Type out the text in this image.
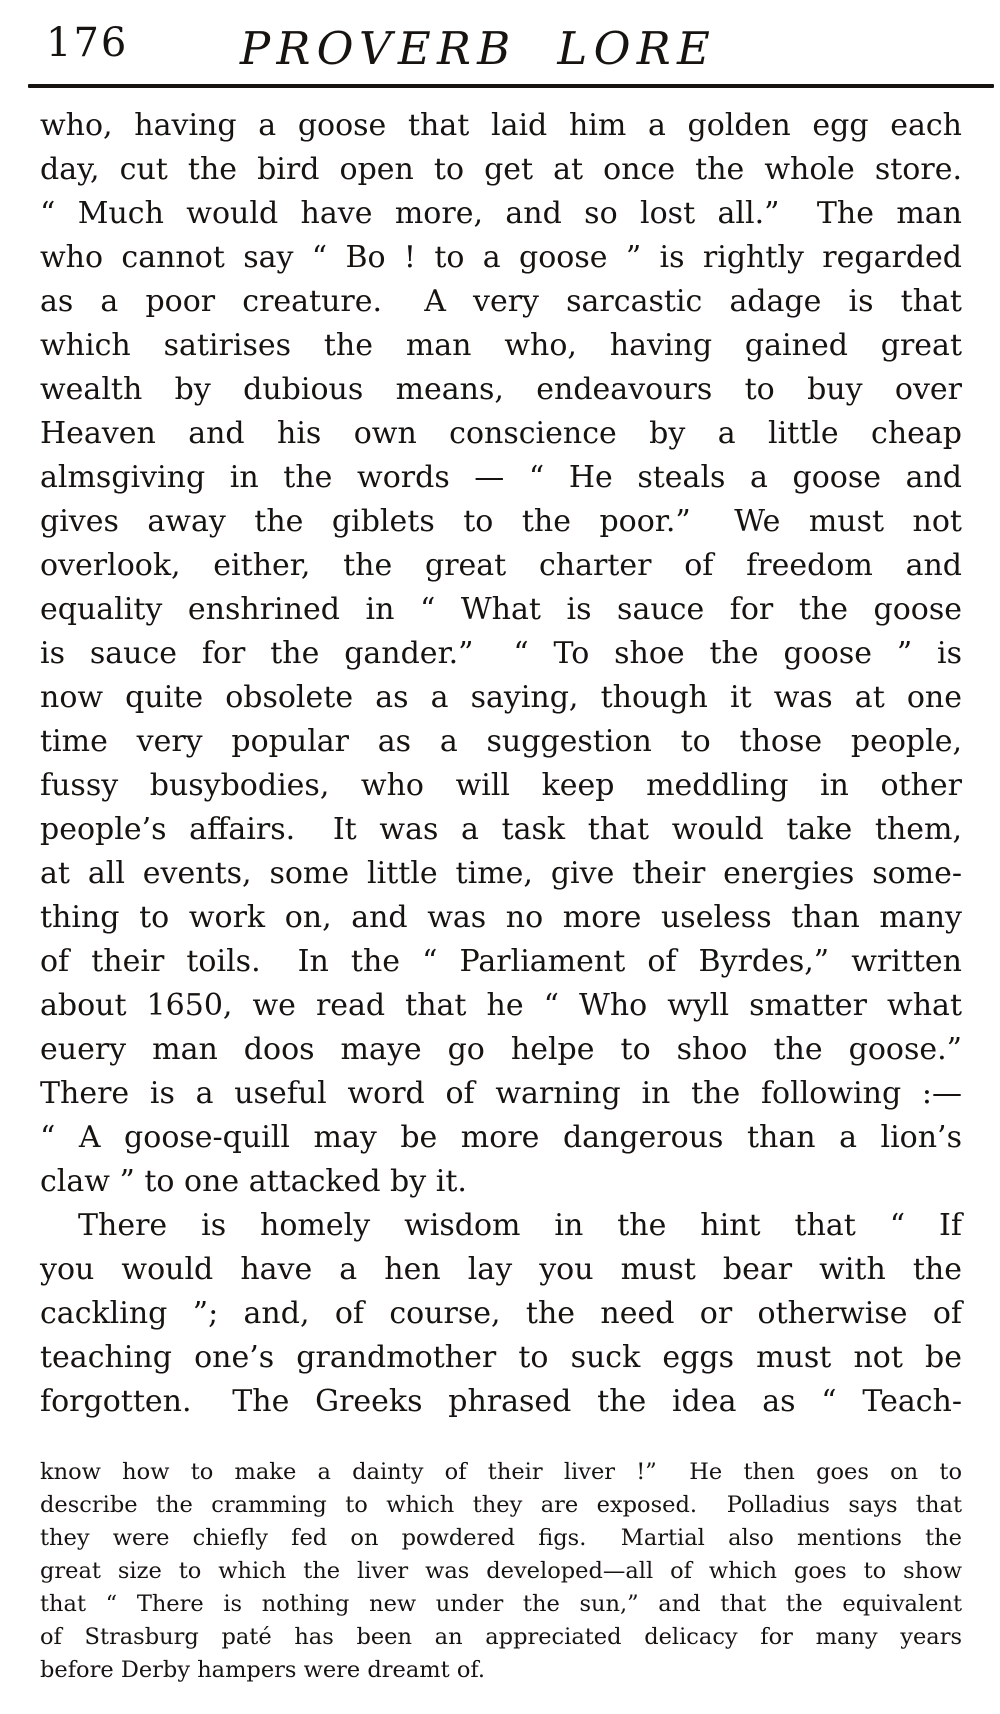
176 PROVERB LORE
who, having a goose that laid him a golden egg each
day, cut the bird open to get at once the whole store.
“ Much would have more, and so lost all.”  The man
who cannot say “ Bo ! to a goose ” is rightly regarded
as a poor creature.  A very sarcastic adage is that
which satirises the man who, having gained great
wealth by dubious means, endeavours to buy over
Heaven and his own conscience by a little cheap
almsgiving in the words — “ He steals a goose and
gives away the giblets to the poor.”  We must not
overlook, either, the great charter of freedom and
equality enshrined in “ What is sauce for the goose
is sauce for the gander.”  “ To shoe the goose ” is
now quite obsolete as a saying, though it was at one
time very popular as a suggestion to those people,
fussy busybodies, who will keep meddling in other
people’s affairs.  It was a task that would take them,
at all events, some little time, give their energies some-
thing to work on, and was no more useless than many
of their toils.  In the “ Parliament of Byrdes,” written
about 1650, we read that he “ Who wyll smatter what
euery man doos maye go helpe to shoo the goose.”
There is a useful word of warning in the following :—
“ A goose-quill may be more dangerous than a lion’s
claw ” to one attacked by it.
There is homely wisdom in the hint that “ If
you would have a hen lay you must bear with the
cackling ”; and, of course, the need or otherwise of
teaching one’s grandmother to suck eggs must not be
forgotten.  The Greeks phrased the idea as “ Teach-
know how to make a dainty of their liver !”  He then goes on to
describe the cramming to which they are exposed.  Polladius says that
they were chiefly fed on powdered figs.  Martial also mentions the
great size to which the liver was developed—all of which goes to show
that “ There is nothing new under the sun,” and that the equivalent
of Strasburg paté has been an appreciated delicacy for many years
before Derby hampers were dreamt of.
